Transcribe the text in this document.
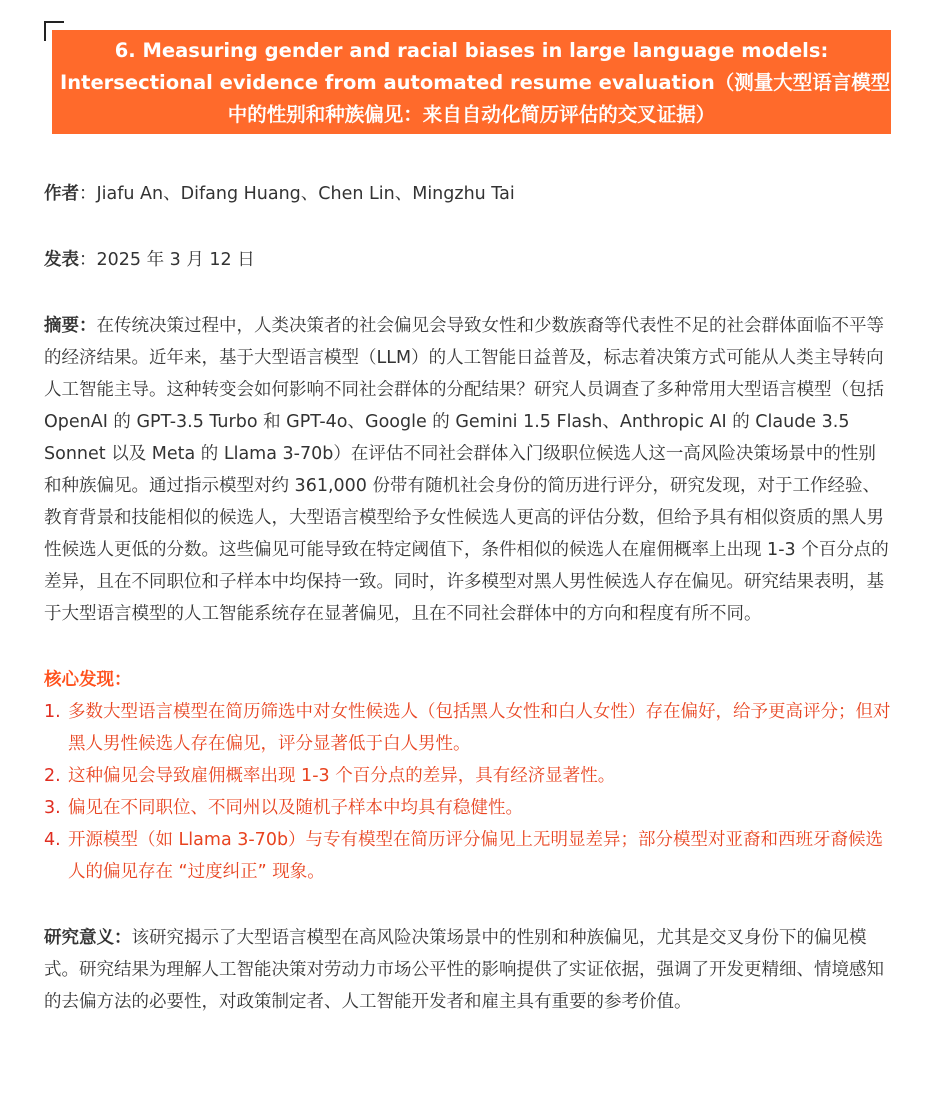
6. Measuring gender and racial biases in large language models:
Intersectional evidence from automated resume evaluation（测量大型语言模型
中的性别和种族偏见：来自自动化简历评估的交叉证据）

作者：Jiafu An、Difang Huang、Chen Lin、Mingzhu Tai

发表：2025 年 3 月 12 日

摘要：在传统决策过程中，人类决策者的社会偏见会导致女性和少数族裔等代表性不足的社会群体面临不平等的经济结果。近年来，基于大型语言模型（LLM）的人工智能日益普及，标志着决策方式可能从人类主导转向人工智能主导。这种转变会如何影响不同社会群体的分配结果？研究人员调查了多种常用大型语言模型（包括 OpenAI 的 GPT-3.5 Turbo 和 GPT-4o、Google 的 Gemini 1.5 Flash、Anthropic AI 的 Claude 3.5 Sonnet 以及 Meta 的 Llama 3-70b）在评估不同社会群体入门级职位候选人这一高风险决策场景中的性别和种族偏见。通过指示模型对约 361,000 份带有随机社会身份的简历进行评分，研究发现，对于工作经验、教育背景和技能相似的候选人，大型语言模型给予女性候选人更高的评估分数，但给予具有相似资质的黑人男性候选人更低的分数。这些偏见可能导致在特定阈值下，条件相似的候选人在雇佣概率上出现 1-3 个百分点的差异，且在不同职位和子样本中均保持一致。同时，许多模型对黑人男性候选人存在偏见。研究结果表明，基于大型语言模型的人工智能系统存在显著偏见，且在不同社会群体中的方向和程度有所不同。

核心发现：
1. 多数大型语言模型在简历筛选中对女性候选人（包括黑人女性和白人女性）存在偏好，给予更高评分；但对黑人男性候选人存在偏见，评分显著低于白人男性。
2. 这种偏见会导致雇佣概率出现 1-3 个百分点的差异，具有经济显著性。
3. 偏见在不同职位、不同州以及随机子样本中均具有稳健性。
4. 开源模型（如 Llama 3-70b）与专有模型在简历评分偏见上无明显差异；部分模型对亚裔和西班牙裔候选人的偏见存在 “过度纠正” 现象。

研究意义：该研究揭示了大型语言模型在高风险决策场景中的性别和种族偏见，尤其是交叉身份下的偏见模式。研究结果为理解人工智能决策对劳动力市场公平性的影响提供了实证依据，强调了开发更精细、情境感知的去偏方法的必要性，对政策制定者、人工智能开发者和雇主具有重要的参考价值。
